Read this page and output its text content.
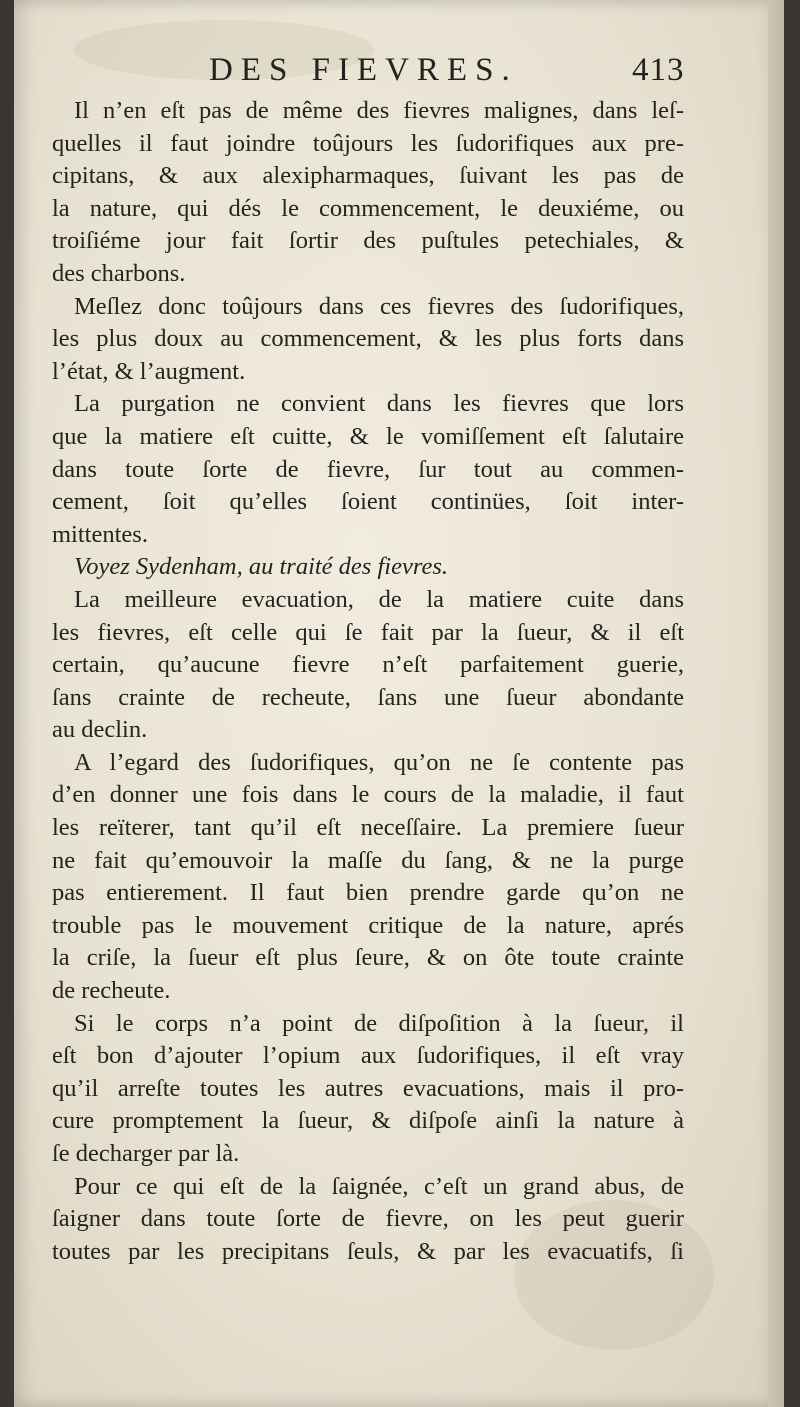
DES FIEVRES.	413
Il n’en eſt pas de même des fievres malignes, dans leſ-
quelles il faut joindre toûjours les ſudorifiques aux pre-
cipitans, & aux alexipharmaques, ſuivant les pas de
la nature, qui dés le commencement, le deuxiéme, ou
troiſiéme jour fait ſortir des puſtules petechiales, &
des charbons.
Meſlez donc toûjours dans ces fievres des ſudorifiques,
les plus doux au commencement, & les plus forts dans
l’état, & l’augment.
La purgation ne convient dans les fievres que lors
que la matiere eſt cuitte, & le vomiſſement eſt ſalutaire
dans toute ſorte de fievre, ſur tout au commen-
cement, ſoit qu’elles ſoient continües, ſoit inter-
mittentes.
Voyez Sydenham, au traité des fievres.
La meilleure evacuation, de la matiere cuite dans
les fievres, eſt celle qui ſe fait par la ſueur, & il eſt
certain, qu’aucune fievre n’eſt parfaitement guerie,
ſans crainte de recheute, ſans une ſueur abondante
au declin.
A l’egard des ſudorifiques, qu’on ne ſe contente pas
d’en donner une fois dans le cours de la maladie, il faut
les reïterer, tant qu’il eſt neceſſaire. La premiere ſueur
ne fait qu’emouvoir la maſſe du ſang, & ne la purge
pas entierement. Il faut bien prendre garde qu’on ne
trouble pas le mouvement critique de la nature, aprés
la criſe, la ſueur eſt plus ſeure, & on ôte toute crainte
de recheute.
Si le corps n’a point de diſpoſition à la ſueur, il
eſt bon d’ajouter l’opium aux ſudorifiques, il eſt vray
qu’il arreſte toutes les autres evacuations, mais il pro-
cure promptement la ſueur, & diſpoſe ainſi la nature à
ſe decharger par là.
Pour ce qui eſt de la ſaignée, c’eſt un grand abus, de
ſaigner dans toute ſorte de fievre, on les peut guerir
toutes par les precipitans ſeuls, & par les evacuatifs, ſi
